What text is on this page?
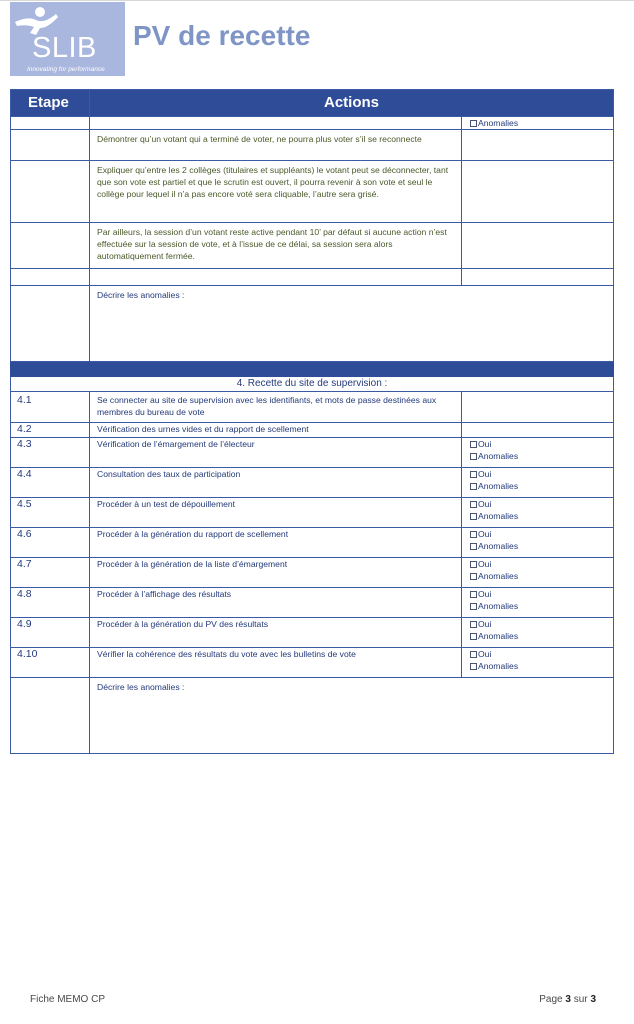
SLIB
Innovating for performance
PV de recette
Etape	Actions	

		Anomalies

	Démontrer qu’un votant qui a terminé de voter, ne pourra plus voter s’il se reconnecte	
	Expliquer qu’entre les 2 collèges (titulaires et suppléants) le votant peut se déconnecter, tant que son vote est partiel et que le scrutin est ouvert, il pourra revenir à son vote et seul le collège pour lequel il n’a pas encore voté sera cliquable, l’autre sera grisé.	
	Par ailleurs, la session d’un votant reste active pendant 10’ par défaut si aucune action n’est effectuée sur la session de vote, et à l’issue de ce délai, sa session sera alors automatiquement fermée.	

	Décrire les anomalies :	

4. Recette du site de supervision :		
4.1	Se connecter au site de supervision avec les identifiants, et mots de passe destinées aux membres du bureau de vote	
4.2	Vérification des urnes vides et du rapport de scellement	
4.3	Vérification de l’émargement de l’électeur	Oui
Anomalies

4.4	Consultation des taux de participation	Oui
Anomalies

4.5	Procéder à un test de dépouillement	Oui
Anomalies

4.6	Procéder à la génération du rapport de scellement	Oui
Anomalies

4.7	Procéder à la génération de la liste d’émargement	Oui
Anomalies

4.8	Procéder à l’affichage des résultats	Oui
Anomalies

4.9	Procéder à la génération du PV des résultats	Oui
Anomalies

4.10	Vérifier la cohérence des résultats du vote avec les bulletins de vote	Oui
Anomalies

	Décrire les anomalies :	
Fiche MEMO CP	Page 3 sur 3
